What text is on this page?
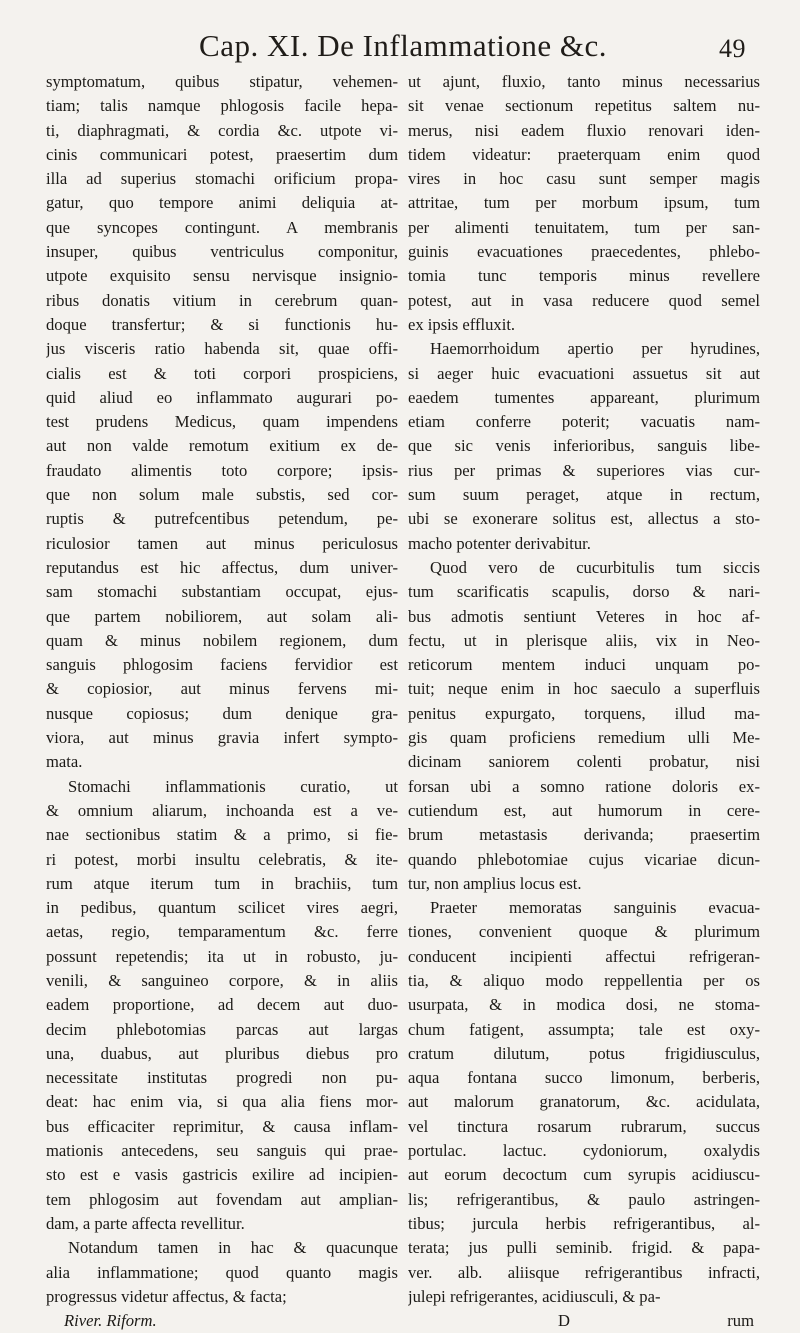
Cap. XI. De Inflammatione &c.	49
symptomatum, quibus stipatur, vehemen-
tiam; talis namque phlogosis facile hepa-
ti, diaphragmati, & cordia &c. utpote vi-
cinis communicari potest, praesertim dum
illa ad superius stomachi orificium propa-
gatur, quo tempore animi deliquia at-
que syncopes contingunt. A membranis
insuper, quibus ventriculus componitur,
utpote exquisito sensu nervisque insignio-
ribus donatis vitium in cerebrum quan-
doque transfertur; & si functionis hu-
jus visceris ratio habenda sit, quae offi-
cialis est & toti corpori prospiciens,
quid aliud eo inflammato augurari po-
test prudens Medicus, quam impendens
aut non valde remotum exitium ex de-
fraudato alimentis toto corpore; ipsis-
que non solum male substis, sed cor-
ruptis & putrefcentibus petendum, pe-
riculosior tamen aut minus periculosus
reputandus est hic affectus, dum univer-
sam stomachi substantiam occupat, ejus-
que partem nobiliorem, aut solam ali-
quam & minus nobilem regionem, dum
sanguis phlogosim faciens fervidior est
& copiosior, aut minus fervens mi-
nusque copiosus; dum denique gra-
viora, aut minus gravia infert sympto-
mata.
Stomachi inflammationis curatio, ut
& omnium aliarum, inchoanda est a ve-
nae sectionibus statim & a primo, si fie-
ri potest, morbi insultu celebratis, & ite-
rum atque iterum tum in brachiis, tum
in pedibus, quantum scilicet vires aegri,
aetas, regio, temparamentum &c. ferre
possunt repetendis; ita ut in robusto, ju-
venili, & sanguineo corpore, & in aliis
eadem proportione, ad decem aut duo-
decim phlebotomias parcas aut largas
una, duabus, aut pluribus diebus pro
necessitate institutas progredi non pu-
deat: hac enim via, si qua alia fiens mor-
bus efficaciter reprimitur, & causa inflam-
mationis antecedens, seu sanguis qui prae-
sto est e vasis gastricis exilire ad incipien-
tem phlogosim aut fovendam aut amplian-
dam, a parte affecta revellitur.
Notandum tamen in hac & quacunque
alia inflammatione; quod quanto magis
progressus videtur affectus, & facta;
River. Riform.
ut ajunt, fluxio, tanto minus necessarius
sit venae sectionum repetitus saltem nu-
merus, nisi eadem fluxio renovari iden-
tidem videatur: praeterquam enim quod
vires in hoc casu sunt semper magis
attritae, tum per morbum ipsum, tum
per alimenti tenuitatem, tum per san-
guinis evacuationes praecedentes, phlebo-
tomia tunc temporis minus revellere
potest, aut in vasa reducere quod semel
ex ipsis effluxit.
Haemorrhoidum apertio per hyrudines,
si aeger huic evacuationi assuetus sit aut
eaedem tumentes appareant, plurimum
etiam conferre poterit; vacuatis nam-
que sic venis inferioribus, sanguis libe-
rius per primas & superiores vias cur-
sum suum peraget, atque in rectum,
ubi se exonerare solitus est, allectus a sto-
macho potenter derivabitur.
Quod vero de cucurbitulis tum siccis
tum scarificatis scapulis, dorso & nari-
bus admotis sentiunt Veteres in hoc af-
fectu, ut in plerisque aliis, vix in Neo-
reticorum mentem induci unquam po-
tuit; neque enim in hoc saeculo a superfluis
penitus expurgato, torquens, illud ma-
gis quam proficiens remedium ulli Me-
dicinam saniorem colenti probatur, nisi
forsan ubi a somno ratione doloris ex-
cutiendum est, aut humorum in cere-
brum metastasis derivanda; praesertim
quando phlebotomiae cujus vicariae dicun-
tur, non amplius locus est.
Praeter memoratas sanguinis evacua-
tiones, convenient quoque & plurimum
conducent incipienti affectui refrigeran-
tia, & aliquo modo reppellentia per os
usurpata, & in modica dosi, ne stoma-
chum fatigent, assumpta; tale est oxy-
cratum dilutum, potus frigidiusculus,
aqua fontana succo limonum, berberis,
aut malorum granatorum, &c. acidulata,
vel tinctura rosarum rubrarum, succus
portulac. lactuc. cydoniorum, oxalydis
aut eorum decoctum cum syrupis acidiuscu-
lis; refrigerantibus, & paulo astringen-
tibus; jurcula herbis refrigerantibus, al-
terata; jus pulli seminib. frigid. & papa-
ver. alb. aliisque refrigerantibus infracti,
julepi refrigerantes, acidiusculi, & pa-
D	rum
